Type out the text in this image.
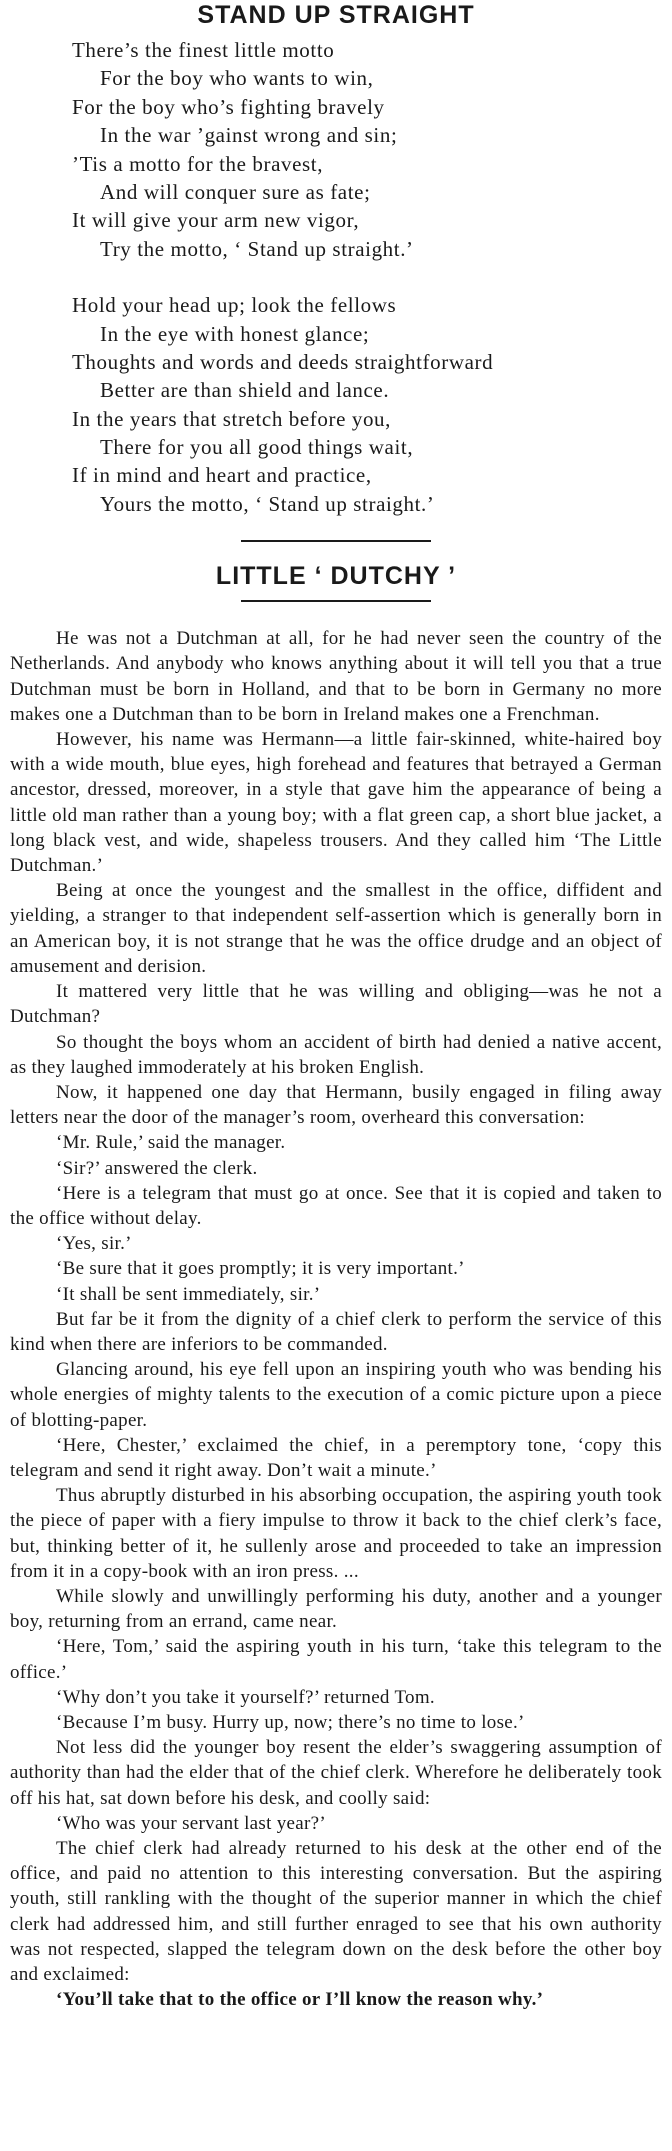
STAND UP STRAIGHT
There’s the finest little motto
For the boy who wants to win,
For the boy who’s fighting bravely
In the war ’gainst wrong and sin;
’Tis a motto for the bravest,
And will conquer sure as fate;
It will give your arm new vigor,
Try the motto, ‘ Stand up straight.’
Hold your head up; look the fellows
In the eye with honest glance;
Thoughts and words and deeds straightforward
Better are than shield and lance.
In the years that stretch before you,
There for you all good things wait,
If in mind and heart and practice,
Yours the motto, ‘ Stand up straight.’
LITTLE ‘ DUTCHY ’

He was not a Dutchman at all, for he had never seen the country of the Netherlands. And anybody who knows anything about it will tell you that a true Dutchman must be born in Holland, and that to be born in Germany no more makes one a Dutchman than to be born in Ireland makes one a Frenchman.

However, his name was Hermann—a little fair-skinned, white-haired boy with a wide mouth, blue eyes, high forehead and features that betrayed a German ancestor, dressed, moreover, in a style that gave him the appearance of being a little old man rather than a young boy; with a flat green cap, a short blue jacket, a long black vest, and wide, shapeless trousers. And they called him ‘The Little Dutchman.’

Being at once the youngest and the smallest in the office, diffident and yielding, a stranger to that independent self-assertion which is generally born in an American boy, it is not strange that he was the office drudge and an object of amusement and derision.

It mattered very little that he was willing and obliging—was he not a Dutchman?

So thought the boys whom an accident of birth had denied a native accent, as they laughed immoderately at his broken English.

Now, it happened one day that Hermann, busily engaged in filing away letters near the door of the manager’s room, overheard this conversation:

‘Mr. Rule,’ said the manager.

‘Sir?’ answered the clerk.

‘Here is a telegram that must go at once. See that it is copied and taken to the office without delay.

‘Yes, sir.’

‘Be sure that it goes promptly; it is very important.’

‘It shall be sent immediately, sir.’

But far be it from the dignity of a chief clerk to perform the service of this kind when there are inferiors to be commanded.

Glancing around, his eye fell upon an inspiring youth who was bending his whole energies of mighty talents to the execution of a comic picture upon a piece of blotting-paper.

‘Here, Chester,’ exclaimed the chief, in a peremptory tone, ‘copy this telegram and send it right away. Don’t wait a minute.’

Thus abruptly disturbed in his absorbing occupation, the aspiring youth took the piece of paper with a fiery impulse to throw it back to the chief clerk’s face, but, thinking better of it, he sullenly arose and proceeded to take an impression from it in a copy-book with an iron press. ...

While slowly and unwillingly performing his duty, another and a younger boy, returning from an errand, came near.

‘Here, Tom,’ said the aspiring youth in his turn, ‘take this telegram to the office.’

‘Why don’t you take it yourself?’ returned Tom.

‘Because I’m busy. Hurry up, now; there’s no time to lose.’

Not less did the younger boy resent the elder’s swaggering assumption of authority than had the elder that of the chief clerk. Wherefore he deliberately took off his hat, sat down before his desk, and coolly said:

‘Who was your servant last year?’

The chief clerk had already returned to his desk at the other end of the office, and paid no attention to this interesting conversation. But the aspiring youth, still rankling with the thought of the superior manner in which the chief clerk had addressed him, and still further enraged to see that his own authority was not respected, slapped the telegram down on the desk before the other boy and exclaimed:

‘You’ll take that to the office or I’ll know the reason why.’
